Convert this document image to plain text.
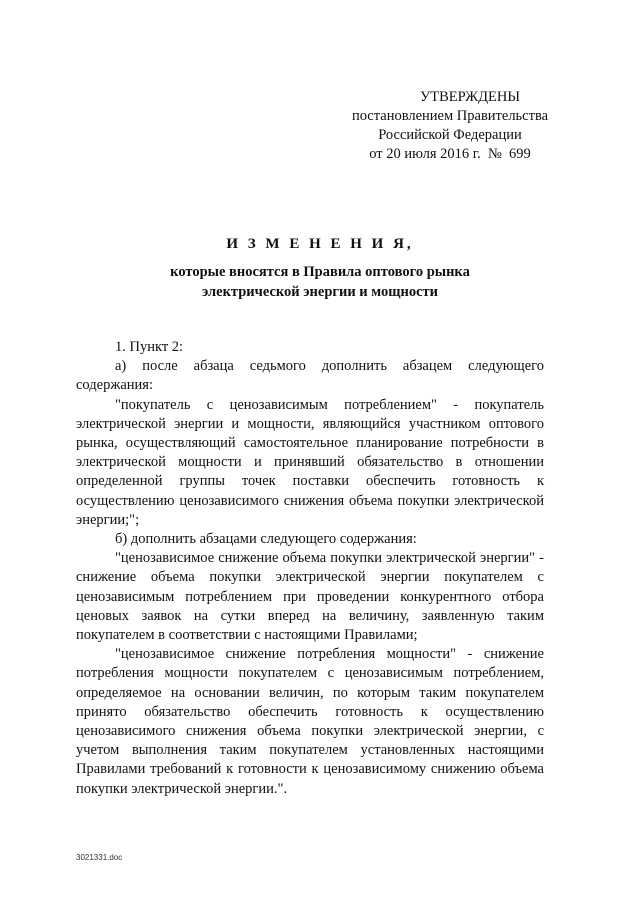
УТВЕРЖДЕНЫ
постановлением Правительства
Российской Федерации
от 20 июля 2016 г.  №  699
И З М Е Н Е Н И Я,
которые вносятся в Правила оптового рынка
электрической энергии и мощности

1. Пункт 2:

а) после абзаца седьмого дополнить абзацем следующего содержания:

"покупатель с ценозависимым потреблением" - покупатель электрической энергии и мощности, являющийся участником оптового рынка, осуществляющий самостоятельное планирование потребности в электрической мощности и принявший обязательство в отношении определенной группы точек поставки обеспечить готовность к осуществлению ценозависимого снижения объема покупки электрической энергии;";

б) дополнить абзацами следующего содержания:

"ценозависимое снижение объема покупки электрической энергии" - снижение объема покупки электрической энергии покупателем с ценозависимым потреблением при проведении конкурентного отбора ценовых заявок на сутки вперед на величину, заявленную таким покупателем в соответствии с настоящими Правилами;

"ценозависимое снижение потребления мощности" - снижение потребления мощности покупателем с ценозависимым потреблением, определяемое на основании величин, по которым таким покупателем принято обязательство обеспечить готовность к осуществлению ценозависимого снижения объема покупки электрической энергии, с учетом выполнения таким покупателем установленных настоящими Правилами требований к готовности к ценозависимому снижению объема покупки электрической энергии.".

3021331.doc
